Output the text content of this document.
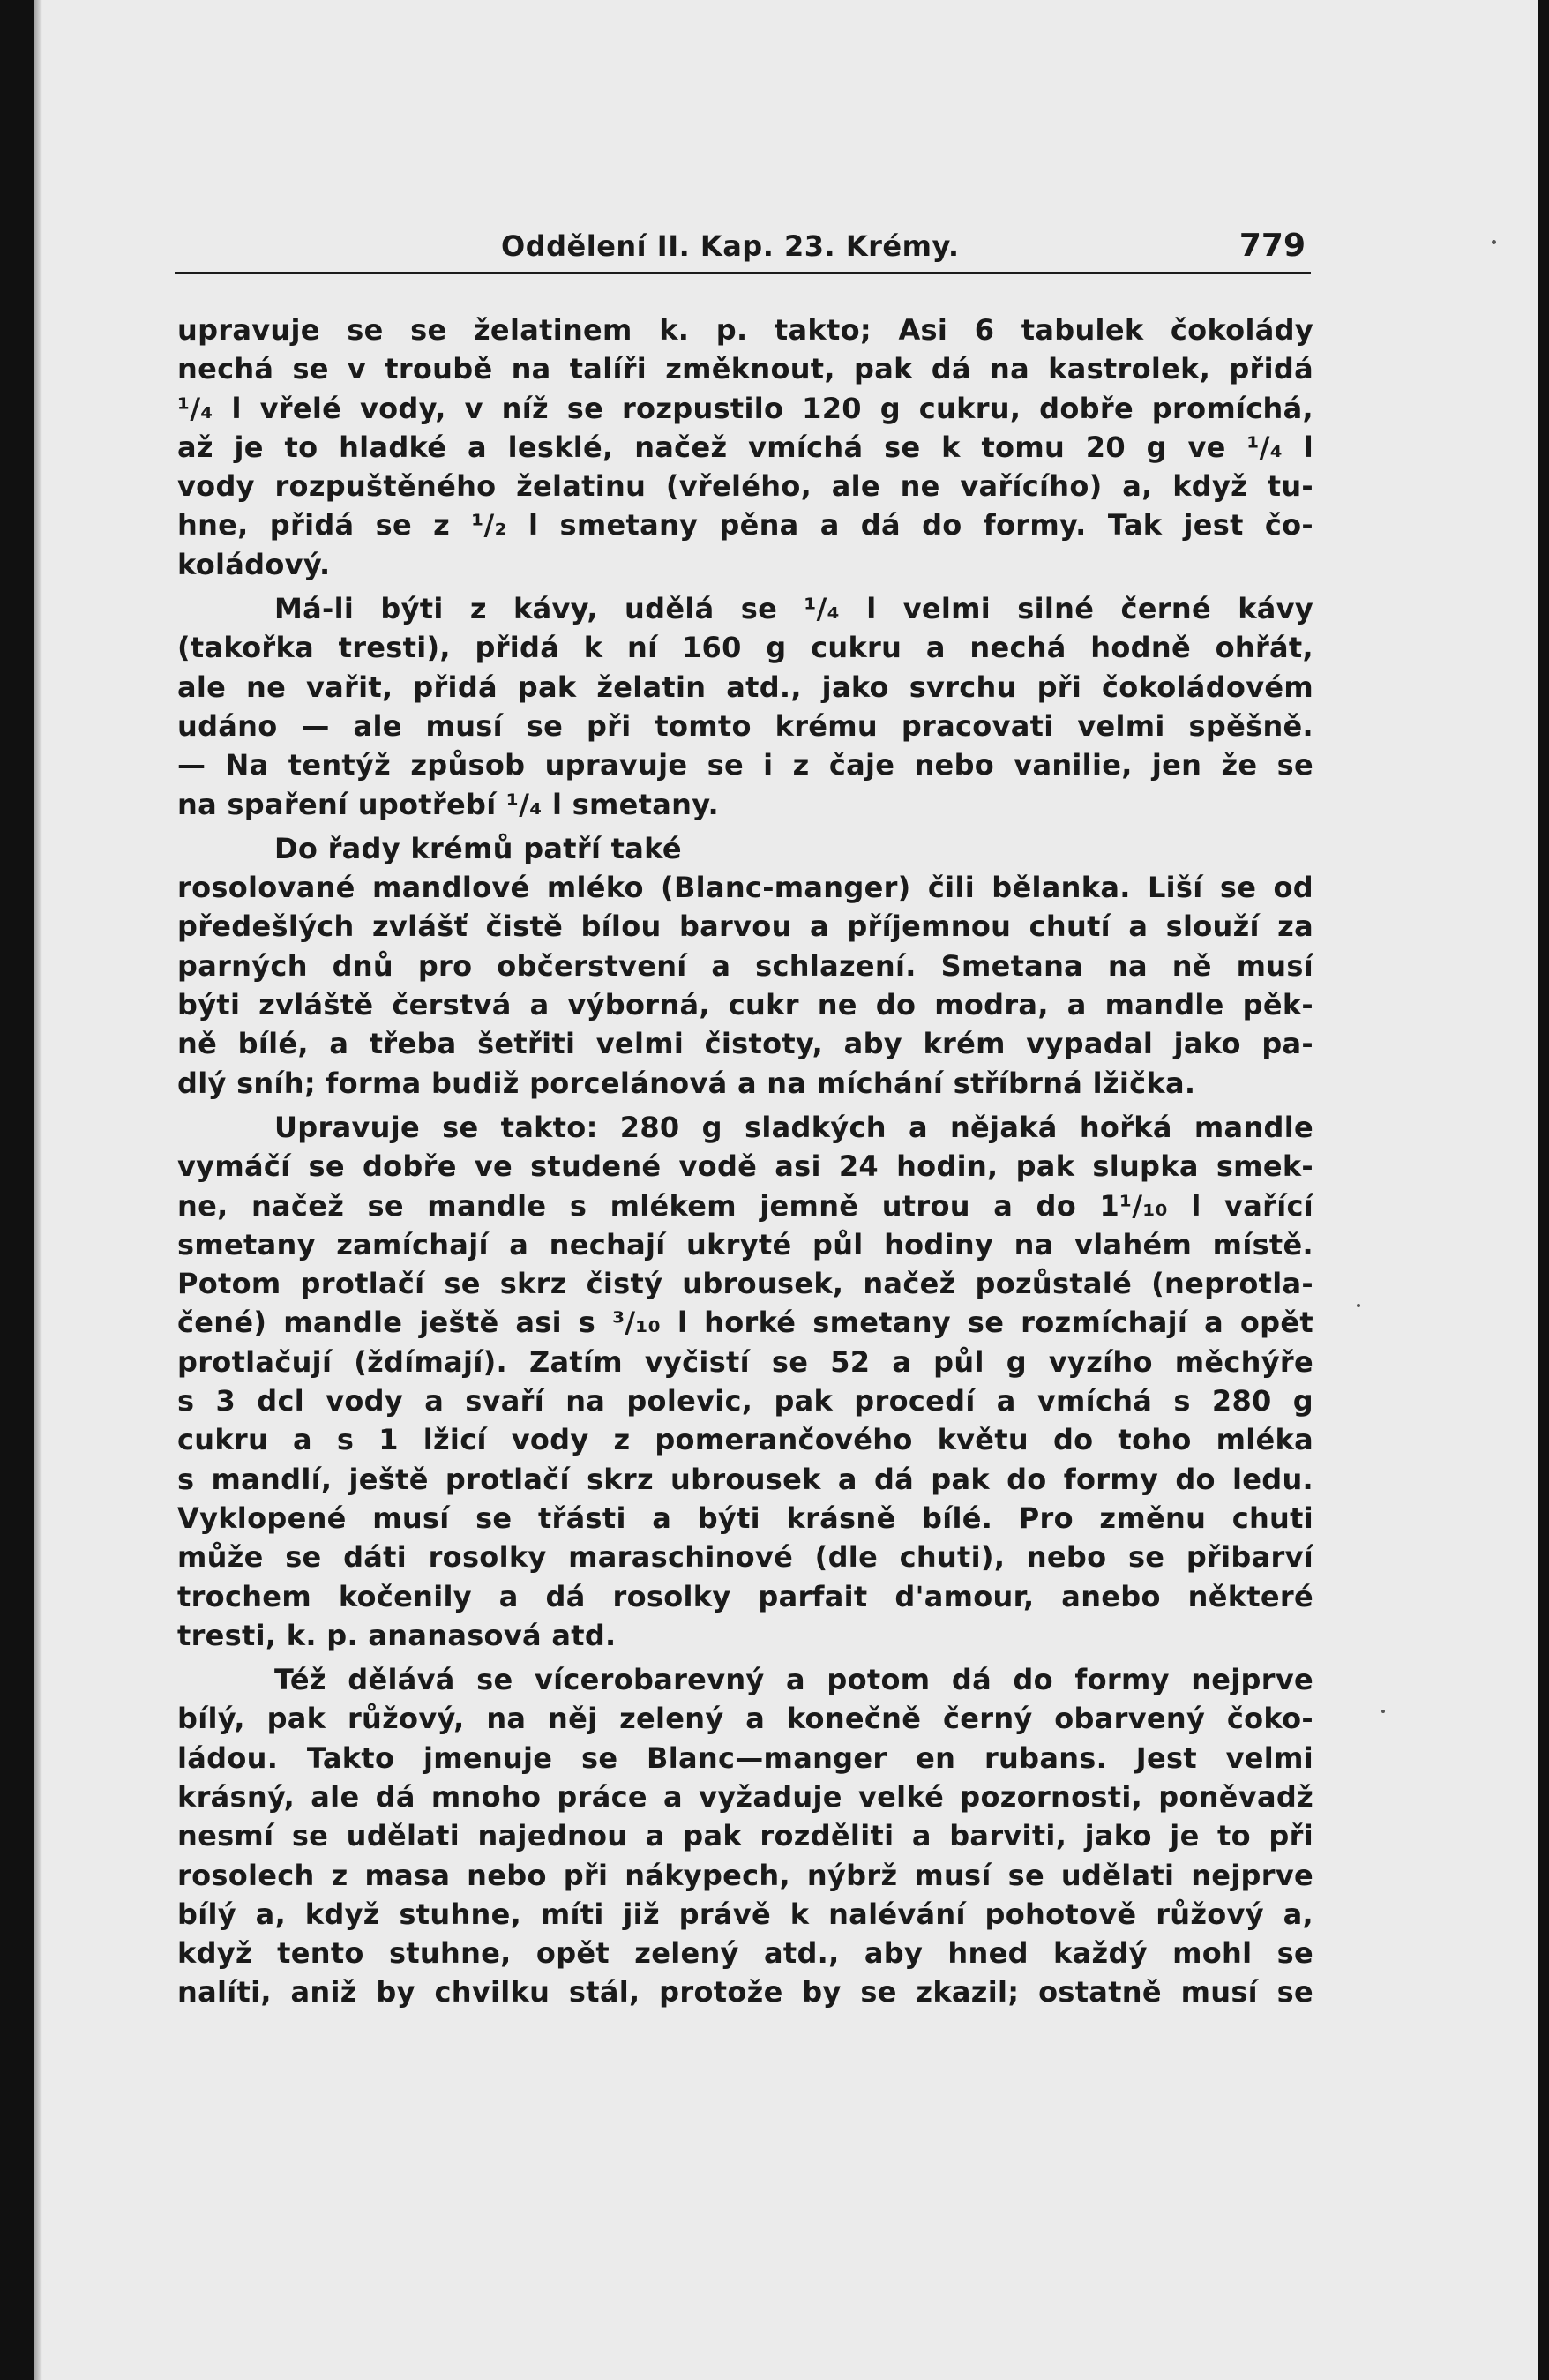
Oddělení II. Kap. 23. Krémy.	779
upravuje se se želatinem k. p. takto; Asi 6 tabulek čokolády
nechá se v troubě na talíři změknout, pak dá na kastrolek, přidá
¹/₄ l vřelé vody, v níž se rozpustilo 120 g cukru, dobře promíchá,
až je to hladké a lesklé, načež vmíchá se k tomu 20 g ve ¹/₄ l
vody rozpuštěného želatinu (vřelého, ale ne vařícího) a, když tu-
hne, přidá se z ¹/₂ l smetany pěna a dá do formy. Tak jest čo-
koládový.
Má-li býti z kávy, udělá se ¹/₄ l velmi silné černé kávy
(takořka tresti), přidá k ní 160 g cukru a nechá hodně ohřát,
ale ne vařit, přidá pak želatin atd., jako svrchu při čokoládovém
udáno — ale musí se při tomto krému pracovati velmi spěšně.
— Na tentýž způsob upravuje se i z čaje nebo vanilie, jen že se
na spaření upotřebí ¹/₄ l smetany.
Do řady krémů patří také
rosolované mandlové mléko (Blanc-manger) čili bělanka. Liší se od
předešlých zvlášť čistě bílou barvou a příjemnou chutí a slouží za
parných dnů pro občerstvení a schlazení. Smetana na ně musí
býti zvláště čerstvá a výborná, cukr ne do modra, a mandle pěk-
ně bílé, a třeba šetřiti velmi čistoty, aby krém vypadal jako pa-
dlý sníh; forma budiž porcelánová a na míchání stříbrná lžička.
Upravuje se takto: 280 g sladkých a nějaká hořká mandle
vymáčí se dobře ve studené vodě asi 24 hodin, pak slupka smek-
ne, načež se mandle s mlékem jemně utrou a do 1¹/₁₀ l vařící
smetany zamíchají a nechají ukryté půl hodiny na vlahém místě.
Potom protlačí se skrz čistý ubrousek, načež pozůstalé (neprotla-
čené) mandle ještě asi s ³/₁₀ l horké smetany se rozmíchají a opět
protlačují (ždímají). Zatím vyčistí se 52 a půl g vyzího měchýře
s 3 dcl vody a svaří na polevic, pak procedí a vmíchá s 280 g
cukru a s 1 lžicí vody z pomerančového květu do toho mléka
s mandlí, ještě protlačí skrz ubrousek a dá pak do formy do ledu.
Vyklopené musí se třásti a býti krásně bílé. Pro změnu chuti
může se dáti rosolky maraschinové (dle chuti), nebo se přibarví
trochem kočenily a dá rosolky parfait d'amour, anebo některé
tresti, k. p. ananasová atd.
Též dělává se vícerobarevný a potom dá do formy nejprve
bílý, pak růžový, na něj zelený a konečně černý obarvený čoko-
ládou. Takto jmenuje se Blanc—manger en rubans. Jest velmi
krásný, ale dá mnoho práce a vyžaduje velké pozornosti, poněvadž
nesmí se udělati najednou a pak rozděliti a barviti, jako je to při
rosolech z masa nebo při nákypech, nýbrž musí se udělati nejprve
bílý a, když stuhne, míti již právě k nalévání pohotově růžový a,
když tento stuhne, opět zelený atd., aby hned každý mohl se
nalíti, aniž by chvilku stál, protože by se zkazil; ostatně musí se
